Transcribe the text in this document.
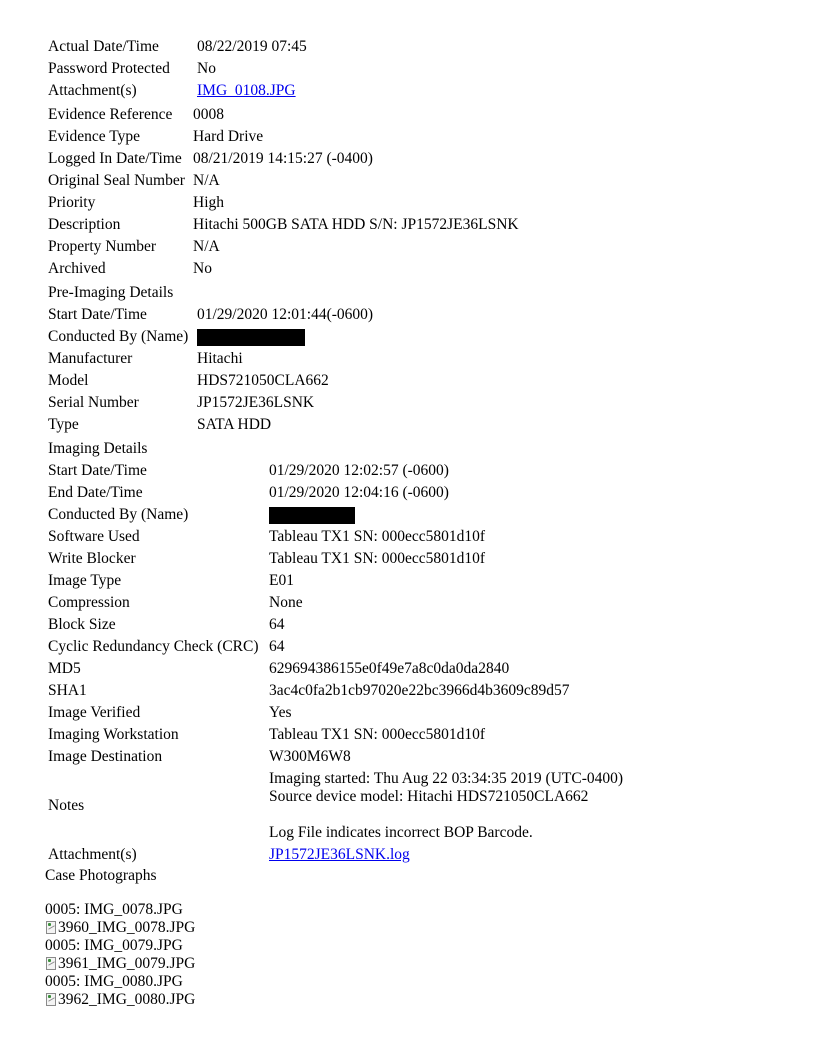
Actual Date/Time 08/22/2019 07:45
Password Protected No
Attachment(s)	IMG_0108.JPG
Evidence Reference 0008
Evidence Type	Hard Drive
Logged In Date/Time 08/21/2019 14:15:27 (-0400)
Original Seal Number N/A
Priority	High
Description	Hitachi 500GB SATA HDD S/N: JP1572JE36LSNK
Property Number N/A
Archived	No
Pre-Imaging Details
Start Date/Time	01/29/2020 12:01:44(-0600)
Conducted By (Name)
Manufacturer	Hitachi
Model	HDS721050CLA662
Serial Number	JP1572JE36LSNK
Type	SATA HDD
Imaging Details
Start Date/Time	01/29/2020 12:02:57 (-0600)
End Date/Time	01/29/2020 12:04:16 (-0600)
Conducted By (Name)
Software Used	Tableau TX1 SN: 000ecc5801d10f
Write Blocker	Tableau TX1 SN: 000ecc5801d10f
Image Type	E01
Compression	None
Block Size	64
Cyclic Redundancy Check (CRC) 64
MD5	629694386155e0f49e7a8c0da0da2840
SHA1	3ac4c0fa2b1cb97020e22bc3966d4b3609c89d57
Image Verified	Yes
Imaging Workstation	Tableau TX1 SN: 000ecc5801d10f
Image Destination	W300M6W8
Notes
Imaging started: Thu Aug 22 03:34:35 2019 (UTC-0400)
Source device model: Hitachi HDS721050CLA662
Log File indicates incorrect BOP Barcode.
Attachment(s)	JP1572JE36LSNK.log
Case Photographs
0005: IMG_0078.JPG
3960_IMG_0078.JPG
0005: IMG_0079.JPG
3961_IMG_0079.JPG
0005: IMG_0080.JPG
3962_IMG_0080.JPG
